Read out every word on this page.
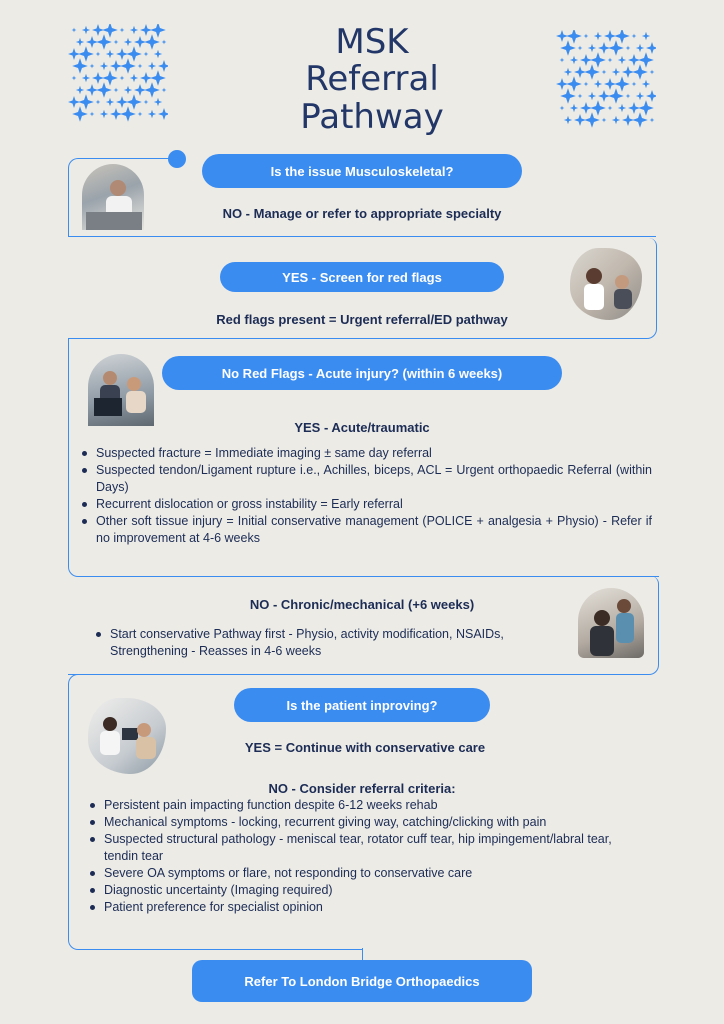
MSK
Referral
Pathway
Is the issue Musculoskeletal?
NO - Manage or refer to appropriate specialty
YES - Screen for red flags
Red flags present = Urgent referral/ED pathway
No Red Flags - Acute injury? (within 6 weeks)
YES - Acute/traumatic
Suspected fracture = Immediate imaging ± same day referral
Suspected tendon/Ligament rupture i.e., Achilles, biceps, ACL = Urgent orthopaedic Referral (within Days)
Recurrent dislocation or gross instability = Early referral
Other soft tissue injury = Initial conservative management (POLICE + analgesia + Physio) - Refer if no improvement at 4-6 weeks
NO - Chronic/mechanical (+6 weeks)
Start conservative Pathway first - Physio, activity modification, NSAIDs, Strengthening - Reasses in 4-6 weeks
Is the patient inproving?
YES = Continue with conservative care
NO - Consider referral criteria:
Persistent pain impacting function despite 6-12 weeks rehab
Mechanical symptoms - locking, recurrent giving way, catching/clicking with pain
Suspected structural pathology - meniscal tear, rotator cuff tear, hip impingement/labral tear, tendin tear
Severe OA symptoms or flare, not responding to conservative care
Diagnostic uncertainty (Imaging required)
Patient preference for specialist opinion
Refer To London Bridge Orthopaedics
